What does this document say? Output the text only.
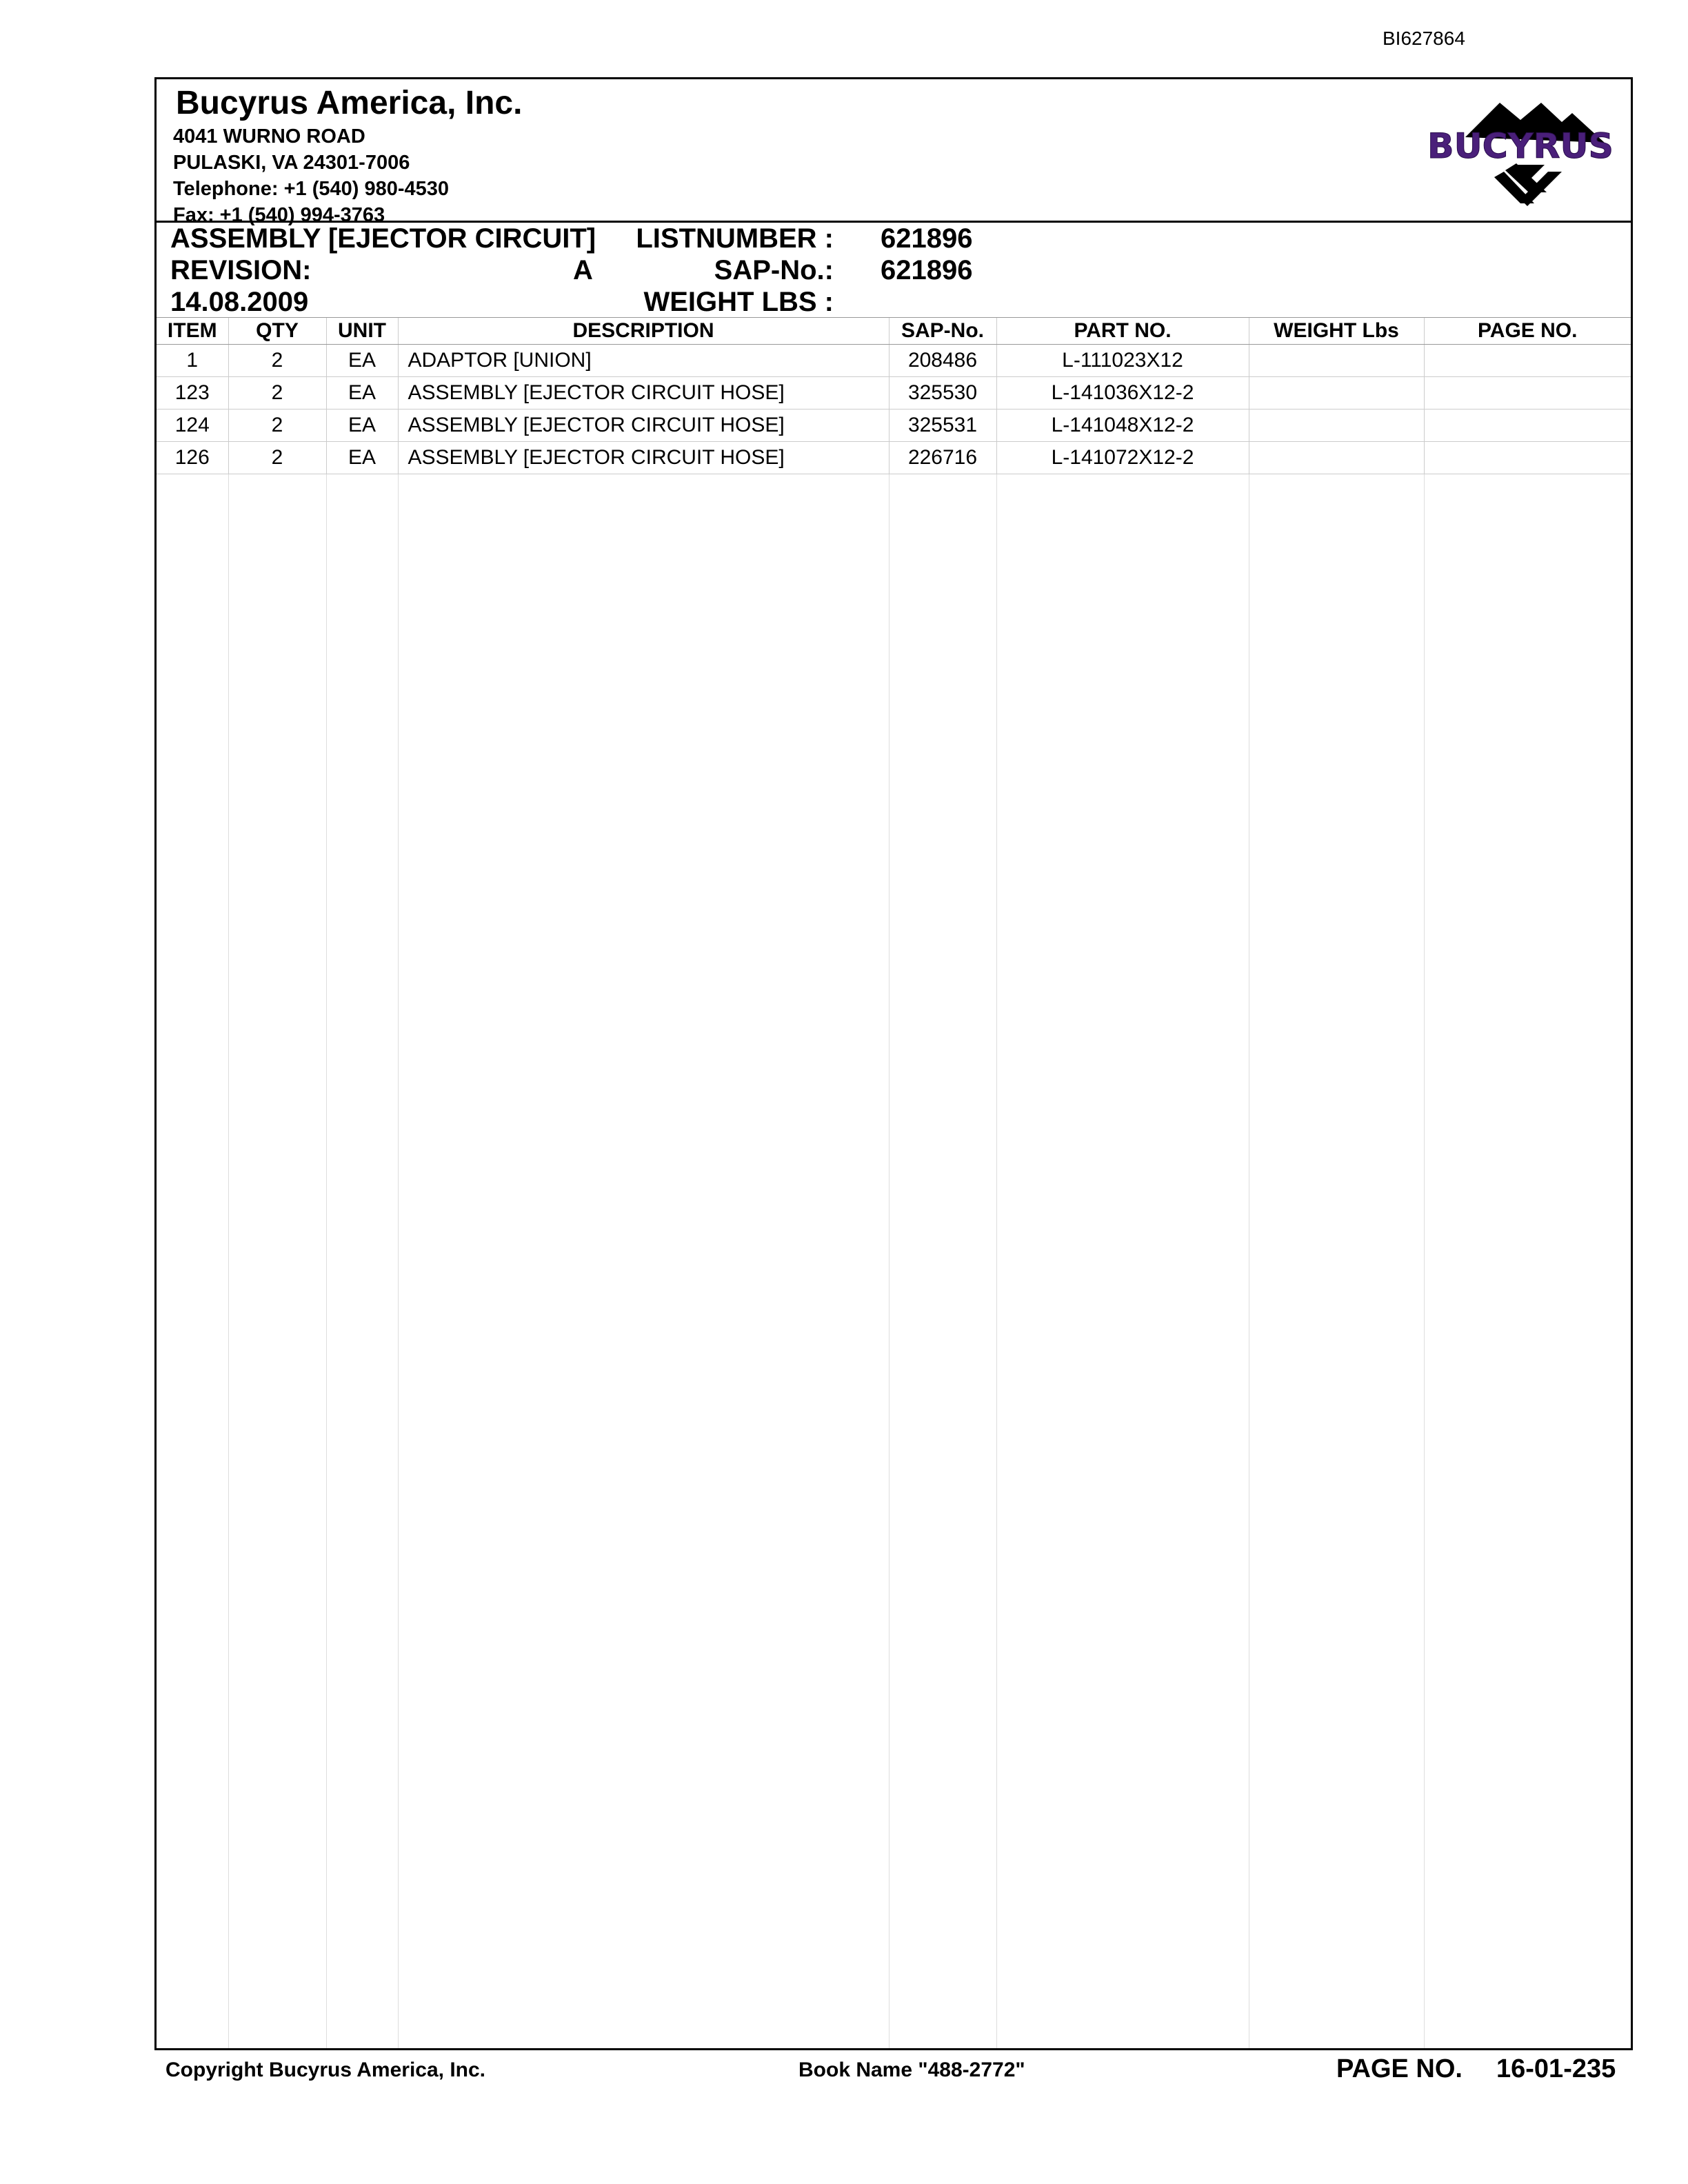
BI627864
Bucyrus America, Inc.
4041 WURNO ROAD
PULASKI, VA 24301-7006
Telephone: +1 (540) 980-4530
Fax: +1 (540) 994-3763
BUCYRUS
ASSEMBLY [EJECTOR CIRCUIT]
REVISION:	A
14.08.2009
LISTNUMBER : 621896
SAP-No.: 621896
WEIGHT LBS :
ITEM	QTY	UNIT	DESCRIPTION	SAP-No.	PART NO.	WEIGHT Lbs	PAGE NO.
1	2	EA	ADAPTOR [UNION]	208486	L-111023X12		
123	2	EA	ASSEMBLY [EJECTOR CIRCUIT HOSE]	325530	L-141036X12-2		
124	2	EA	ASSEMBLY [EJECTOR CIRCUIT HOSE]	325531	L-141048X12-2		
126	2	EA	ASSEMBLY [EJECTOR CIRCUIT HOSE]	226716	L-141072X12-2		
Copyright Bucyrus America, Inc.	Book Name "488-2772"	PAGE NO. 16-01-235
